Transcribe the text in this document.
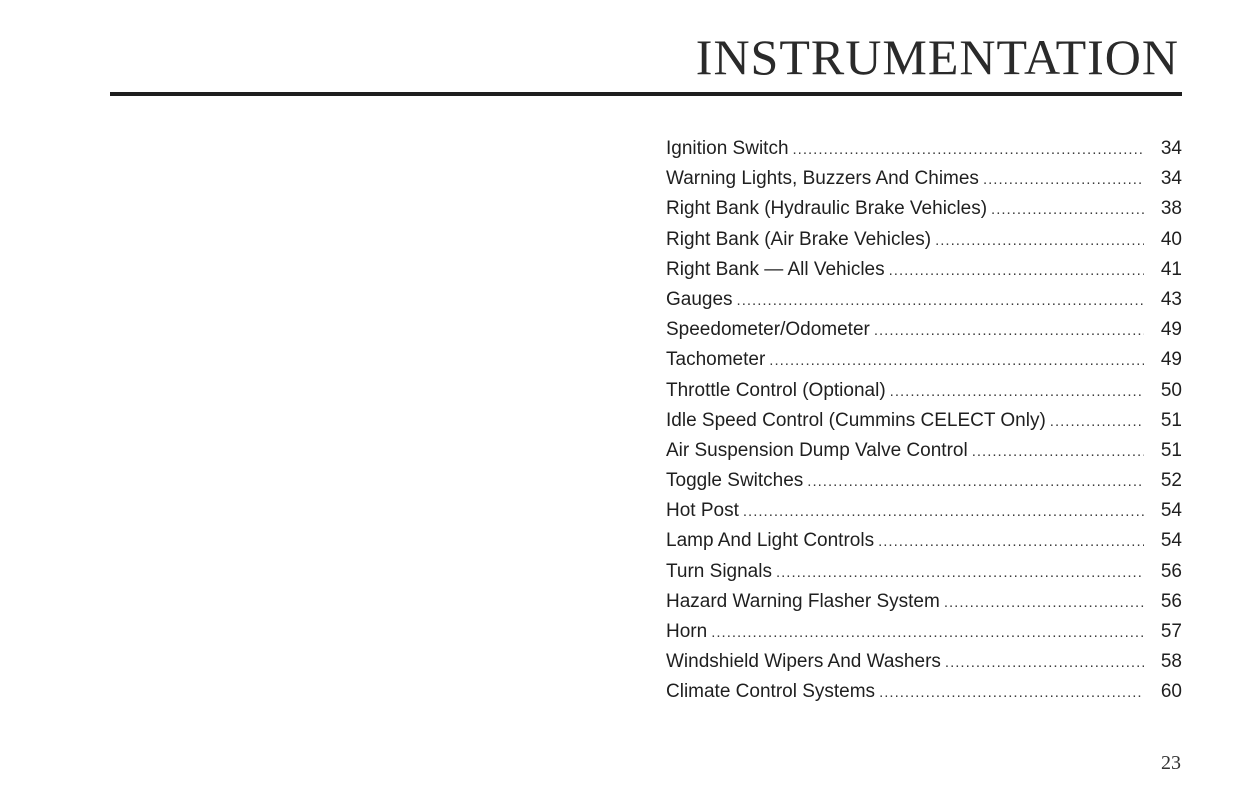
INSTRUMENTATION
Ignition Switch .....	34
Warning Lights, Buzzers And Chimes .....	34
Right Bank (Hydraulic Brake Vehicles) .....	38
Right Bank (Air Brake Vehicles) .....	40
Right Bank — All Vehicles .....	41
Gauges .....	43
Speedometer/Odometer .....	49
Tachometer .....	49
Throttle Control (Optional) .....	50
Idle Speed Control (Cummins CELECT Only) .....	51
Air Suspension Dump Valve Control .....	51
Toggle Switches .....	52
Hot Post .....	54
Lamp And Light Controls .....	54
Turn Signals .....	56
Hazard Warning Flasher System .....	56
Horn .....	57
Windshield Wipers And Washers .....	58
Climate Control Systems .....	60
23
